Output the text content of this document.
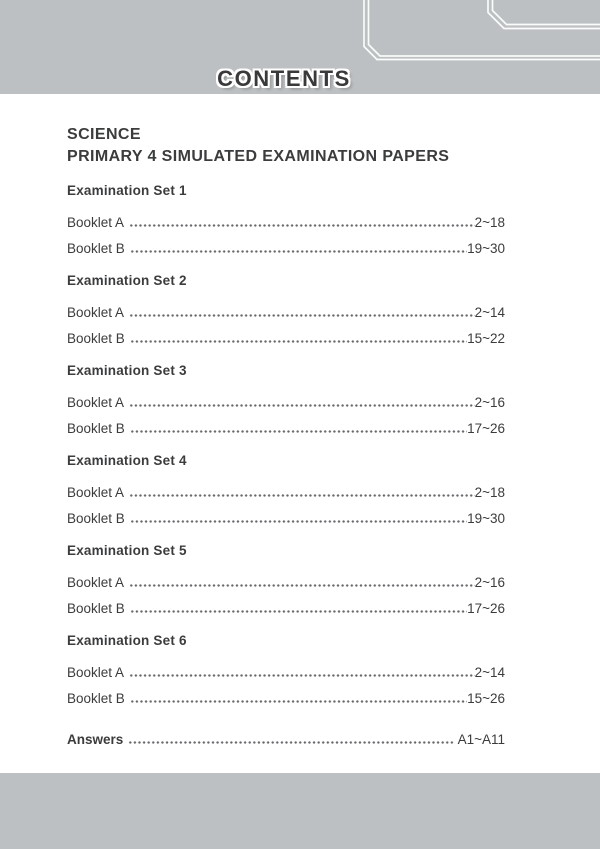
CONTENTS
SCIENCE
PRIMARY 4 SIMULATED EXAMINATION PAPERS
Examination Set 1
Booklet A	2~18
Booklet B	19~30
Examination Set 2
Booklet A	2~14
Booklet B	15~22
Examination Set 3
Booklet A	2~16
Booklet B	17~26
Examination Set 4
Booklet A	2~18
Booklet B	19~30
Examination Set 5
Booklet A	2~16
Booklet B	17~26
Examination Set 6
Booklet A	2~14
Booklet B	15~26
Answers	A1~A11
